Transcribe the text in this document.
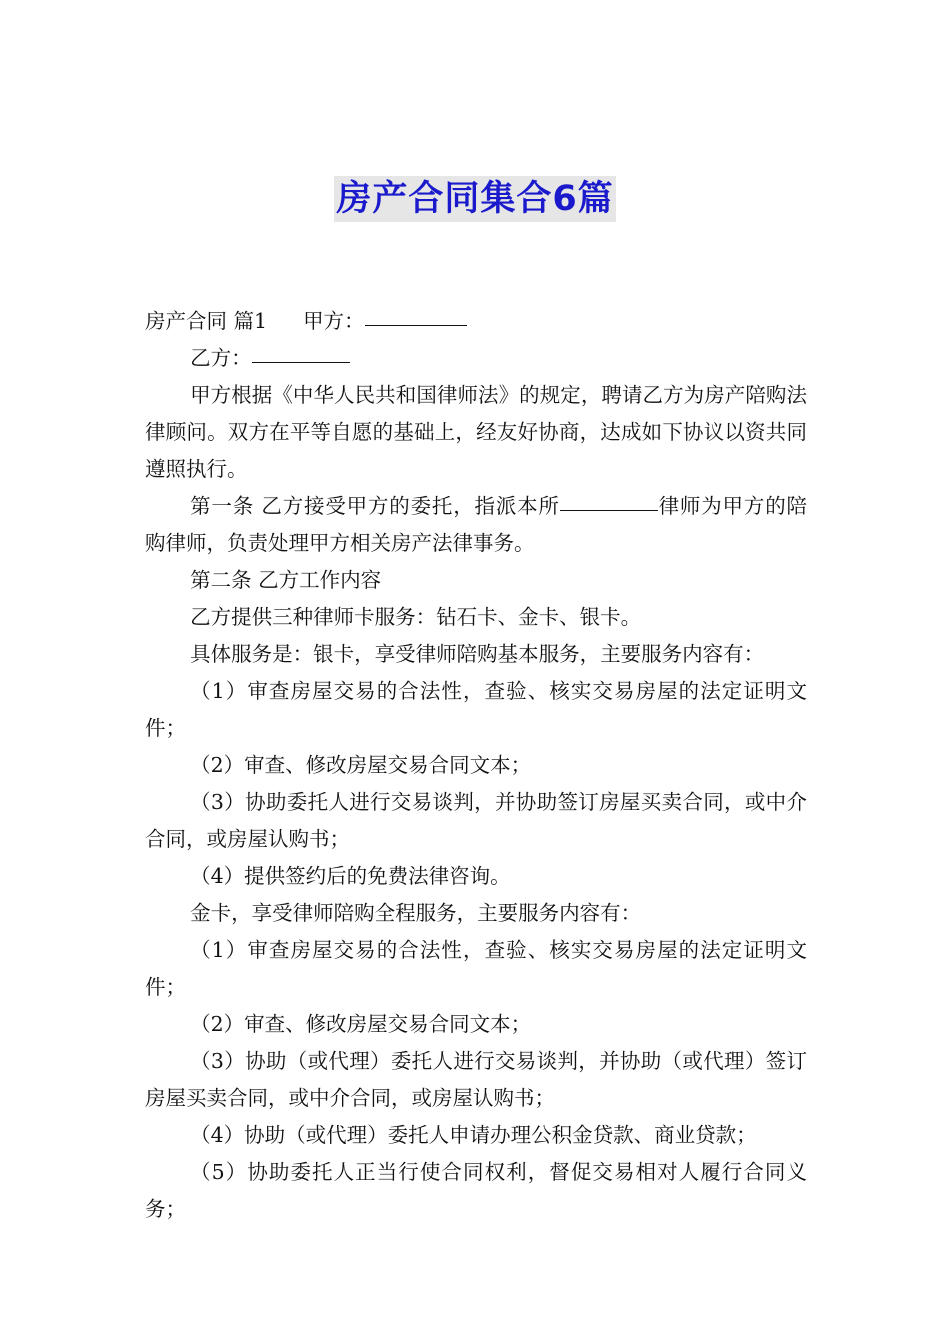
房产合同集合6篇

房产合同 篇1 甲方：

乙方：

甲方根据《中华人民共和国律师法》的规定，聘请乙方为房产陪购法律顾问。双方在平等自愿的基础上，经友好协商，达成如下协议以资共同遵照执行。

第一条 乙方接受甲方的委托，指派本所	律师为甲方的陪购律师，负责处理甲方相关房产法律事务。

第二条 乙方工作内容

乙方提供三种律师卡服务：钻石卡、金卡、银卡。

具体服务是：银卡，享受律师陪购基本服务，主要服务内容有：

（1）审查房屋交易的合法性，查验、核实交易房屋的法定证明文件；

（2）审查、修改房屋交易合同文本；

（3）协助委托人进行交易谈判，并协助签订房屋买卖合同，或中介合同，或房屋认购书；

（4）提供签约后的免费法律咨询。

金卡，享受律师陪购全程服务，主要服务内容有：

（1）审查房屋交易的合法性，查验、核实交易房屋的法定证明文件；

（2）审查、修改房屋交易合同文本；

（3）协助（或代理）委托人进行交易谈判，并协助（或代理）签订房屋买卖合同，或中介合同，或房屋认购书；

（4）协助（或代理）委托人申请办理公积金贷款、商业贷款；

（5）协助委托人正当行使合同权利，督促交易相对人履行合同义务；
